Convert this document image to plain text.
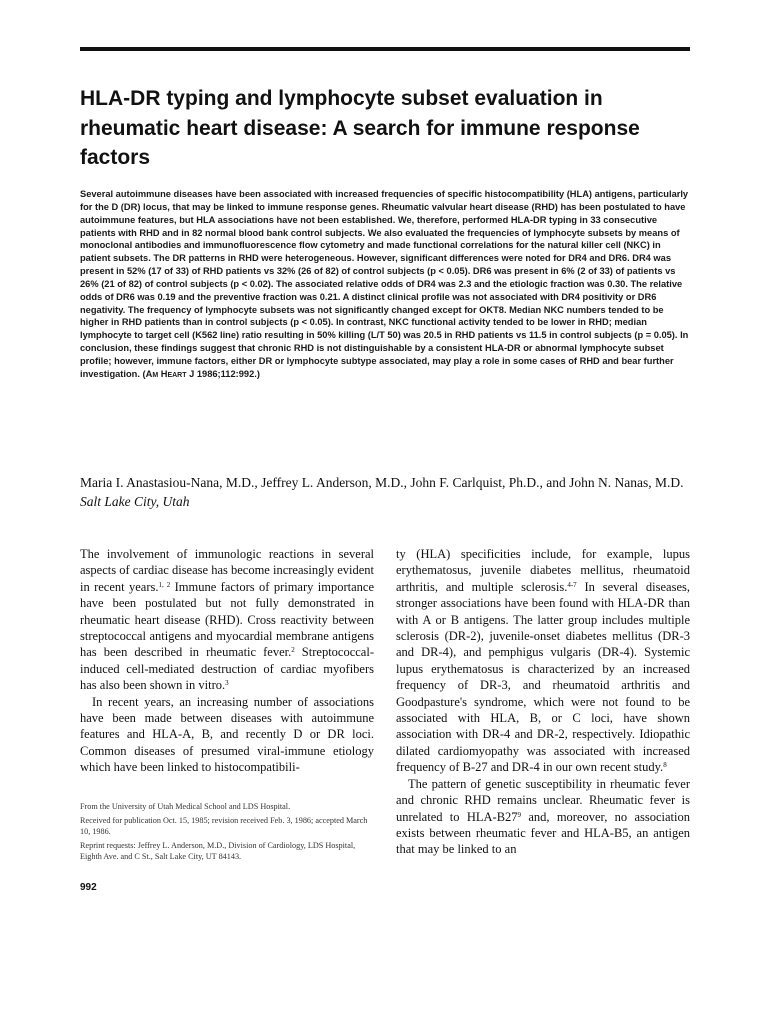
HLA-DR typing and lymphocyte subset evaluation in rheumatic heart disease: A search for immune response factors
Several autoimmune diseases have been associated with increased frequencies of specific histocompatibility (HLA) antigens, particularly for the D (DR) locus, that may be linked to immune response genes. Rheumatic valvular heart disease (RHD) has been postulated to have autoimmune features, but HLA associations have not been established. We, therefore, performed HLA-DR typing in 33 consecutive patients with RHD and in 82 normal blood bank control subjects. We also evaluated the frequencies of lymphocyte subsets by means of monoclonal antibodies and immunofluorescence flow cytometry and made functional correlations for the natural killer cell (NKC) in patient subsets. The DR patterns in RHD were heterogeneous. However, significant differences were noted for DR4 and DR6. DR4 was present in 52% (17 of 33) of RHD patients vs 32% (26 of 82) of control subjects (p < 0.05). DR6 was present in 6% (2 of 33) of patients vs 26% (21 of 82) of control subjects (p < 0.02). The associated relative odds of DR4 was 2.3 and the etiologic fraction was 0.30. The relative odds of DR6 was 0.19 and the preventive fraction was 0.21. A distinct clinical profile was not associated with DR4 positivity or DR6 negativity. The frequency of lymphocyte subsets was not significantly changed except for OKT8. Median NKC numbers tended to be higher in RHD patients than in control subjects (p < 0.05). In contrast, NKC functional activity tended to be lower in RHD; median lymphocyte to target cell (K562 line) ratio resulting in 50% killing (L/T 50) was 20.5 in RHD patients vs 11.5 in control subjects (p = 0.05). In conclusion, these findings suggest that chronic RHD is not distinguishable by a consistent HLA-DR or abnormal lymphocyte subset profile; however, immune factors, either DR or lymphocyte subtype associated, may play a role in some cases of RHD and bear further investigation. (Am Heart J 1986;112:992.)
Maria I. Anastasiou-Nana, M.D., Jeffrey L. Anderson, M.D., John F. Carlquist, Ph.D., and John N. Nanas, M.D. Salt Lake City, Utah

The involvement of immunologic reactions in several aspects of cardiac disease has become increasingly evident in recent years.$^{1, 2}$ Immune factors of primary importance have been postulated but not fully demonstrated in rheumatic heart disease (RHD). Cross reactivity between streptococcal antigens and myocardial membrane antigens has been described in rheumatic fever.$^2$ Streptococcal-induced cell-mediated destruction of cardiac myofibers has also been shown in vitro.$^3$

In recent years, an increasing number of associations have been made between diseases with autoimmune features and HLA-A, B, and recently D or DR loci. Common diseases of presumed viral-immune etiology which have been linked to histocompatibili-

ty (HLA) specificities include, for example, lupus erythematosus, juvenile diabetes mellitus, rheumatoid arthritis, and multiple sclerosis.$^{4-7}$ In several diseases, stronger associations have been found with HLA-DR than with A or B antigens. The latter group includes multiple sclerosis (DR-2), juvenile-onset diabetes mellitus (DR-3 and DR-4), and pemphigus vulgaris (DR-4). Systemic lupus erythematosus is characterized by an increased frequency of DR-3, and rheumatoid arthritis and Goodpasture's syndrome, which were not found to be associated with HLA, B, or C loci, have shown association with DR-4 and DR-2, respectively. Idiopathic dilated cardiomyopathy was associated with increased frequency of B-27 and DR-4 in our own recent study.$^8$

The pattern of genetic susceptibility in rheumatic fever and chronic RHD remains unclear. Rheumatic fever is unrelated to HLA-$B27^9$ and, moreover, no association exists between rheumatic fever and HLA-B5, an antigen that may be linked to an

From the University of Utah Medical School and LDS Hospital.

Received for publication Oct. 15, 1985; revision received Feb. 3, 1986; accepted March 10, 1986.

Reprint requests: Jeffrey L. Anderson, M.D., Division of Cardiology, LDS Hospital, Eighth Ave. and C St., Salt Lake City, UT 84143.

992
